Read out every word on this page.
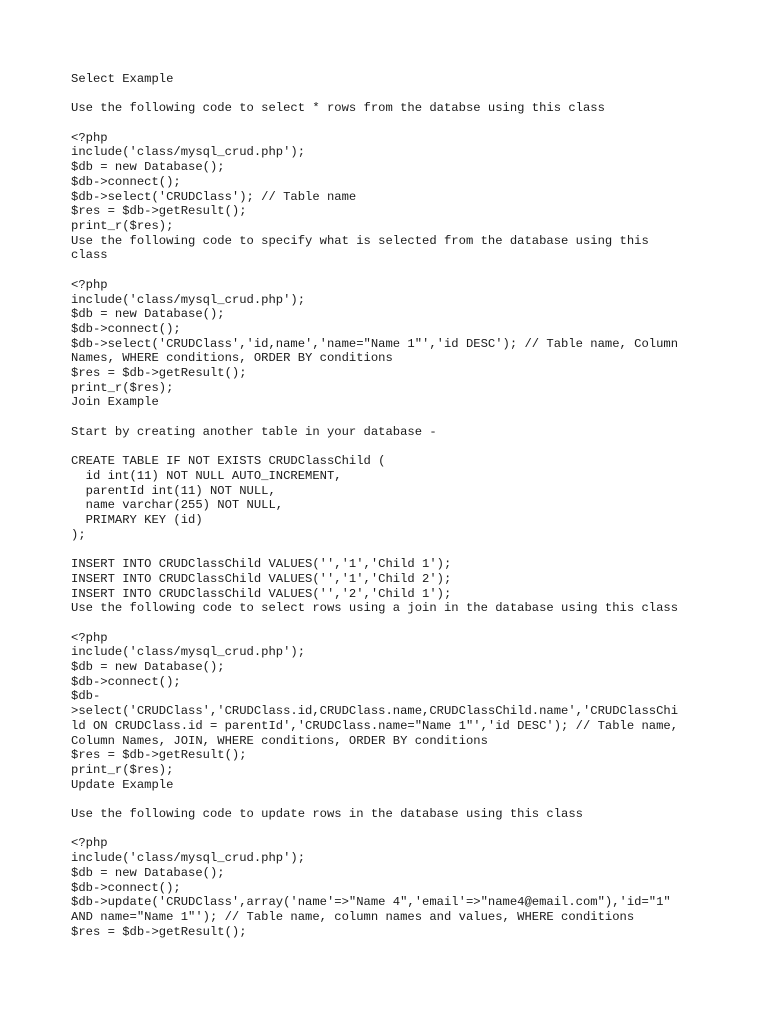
Select Example
Use the following code to select * rows from the databse using this class
<?php
include('class/mysql_crud.php');
$db = new Database();
$db->connect();
$db->select('CRUDClass'); // Table name
$res = $db->getResult();
print_r($res);
Use the following code to specify what is selected from the database using this
class
<?php
include('class/mysql_crud.php');
$db = new Database();
$db->connect();
$db->select('CRUDClass','id,name','name="Name 1"','id DESC'); // Table name, Column
Names, WHERE conditions, ORDER BY conditions
$res = $db->getResult();
print_r($res);
Join Example
Start by creating another table in your database -
CREATE TABLE IF NOT EXISTS CRUDClassChild (
id int(11) NOT NULL AUTO_INCREMENT,
parentId int(11) NOT NULL,
name varchar(255) NOT NULL,
PRIMARY KEY (id)
);
INSERT INTO CRUDClassChild VALUES('','1','Child 1');
INSERT INTO CRUDClassChild VALUES('','1','Child 2');
INSERT INTO CRUDClassChild VALUES('','2','Child 1');
Use the following code to select rows using a join in the database using this class
<?php
include('class/mysql_crud.php');
$db = new Database();
$db->connect();
$db-
>select('CRUDClass','CRUDClass.id,CRUDClass.name,CRUDClassChild.name','CRUDClassChi
ld ON CRUDClass.id = parentId','CRUDClass.name="Name 1"','id DESC'); // Table name,
Column Names, JOIN, WHERE conditions, ORDER BY conditions
$res = $db->getResult();
print_r($res);
Update Example
Use the following code to update rows in the database using this class
<?php
include('class/mysql_crud.php');
$db = new Database();
$db->connect();
$db->update('CRUDClass',array('name'=>"Name 4",'email'=>"name4@email.com"),'id="1"
AND name="Name 1"'); // Table name, column names and values, WHERE conditions
$res = $db->getResult();
